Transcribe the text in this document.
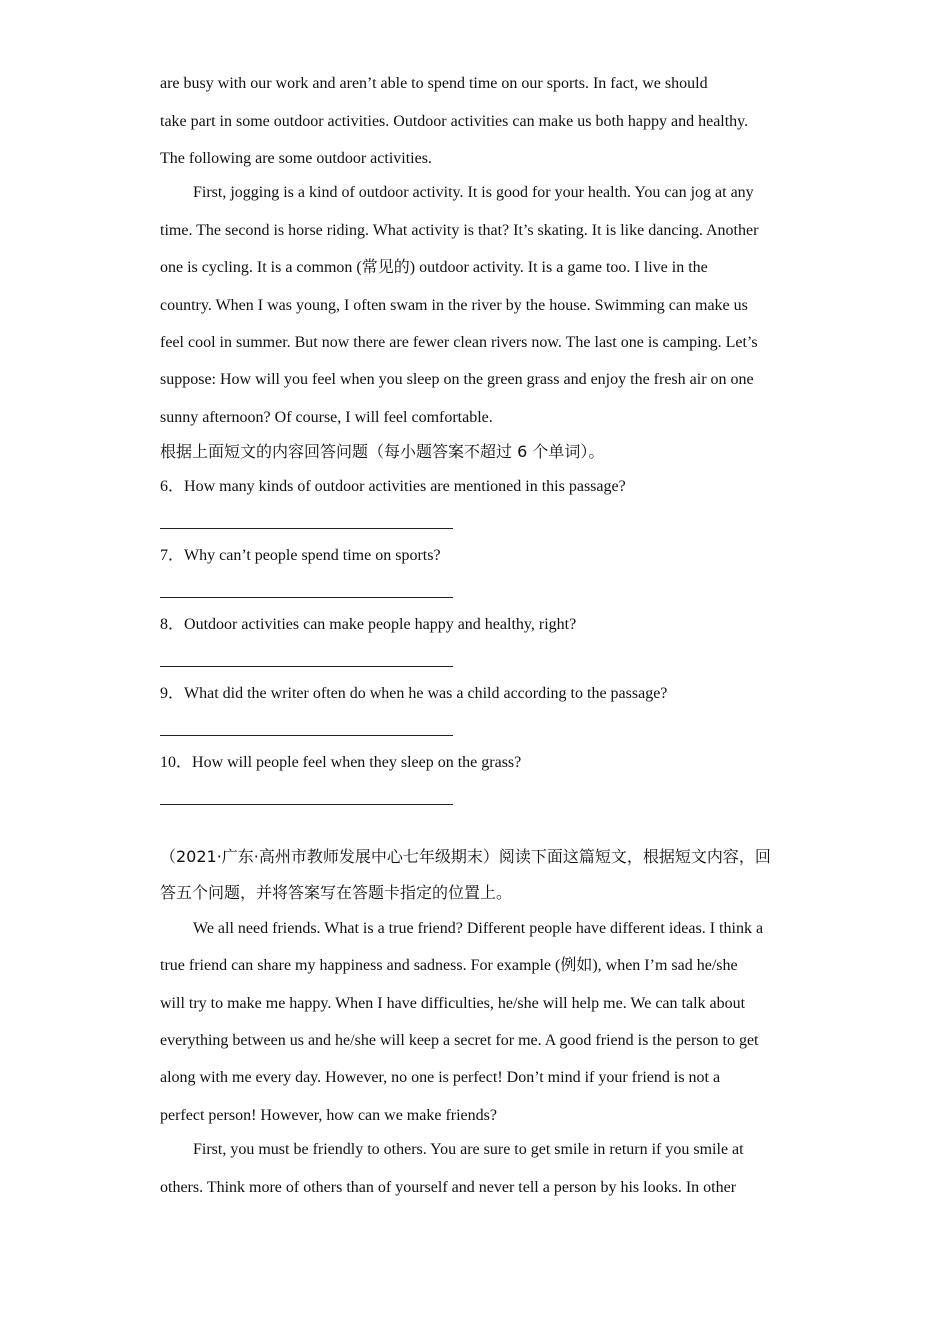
are busy with our work and aren’t able to spend time on our sports. In fact, we should
take part in some outdoor activities. Outdoor activities can make us both happy and healthy.
The following are some outdoor activities.
First, jogging is a kind of outdoor activity. It is good for your health. You can jog at any
time. The second is horse riding. What activity is that? It’s skating. It is like dancing. Another
one is cycling. It is a common (常见的) outdoor activity. It is a game too. I live in the
country. When I was young, I often swam in the river by the house. Swimming can make us
feel cool in summer. But now there are fewer clean rivers now. The last one is camping. Let’s
suppose: How will you feel when you sleep on the green grass and enjoy the fresh air on one
sunny afternoon? Of course, I will feel comfortable.
根据上面短文的内容回答问题（每小题答案不超过 6 个单词）。
6．How many kinds of outdoor activities are mentioned in this passage?
7．Why can’t people spend time on sports?
8．Outdoor activities can make people happy and healthy, right?
9．What did the writer often do when he was a child according to the passage?
10．How will people feel when they sleep on the grass?
（2021·广东·高州市教师发展中心七年级期末）阅读下面这篇短文，根据短文内容，回
答五个问题，并将答案写在答题卡指定的位置上。
We all need friends. What is a true friend? Different people have different ideas. I think a
true friend can share my happiness and sadness. For example (例如), when I’m sad he/she
will try to make me happy. When I have difficulties, he/she will help me. We can talk about
everything between us and he/she will keep a secret for me. A good friend is the person to get
along with me every day. However, no one is perfect! Don’t mind if your friend is not a
perfect person! However, how can we make friends?
First, you must be friendly to others. You are sure to get smile in return if you smile at
others. Think more of others than of yourself and never tell a person by his looks. In other
